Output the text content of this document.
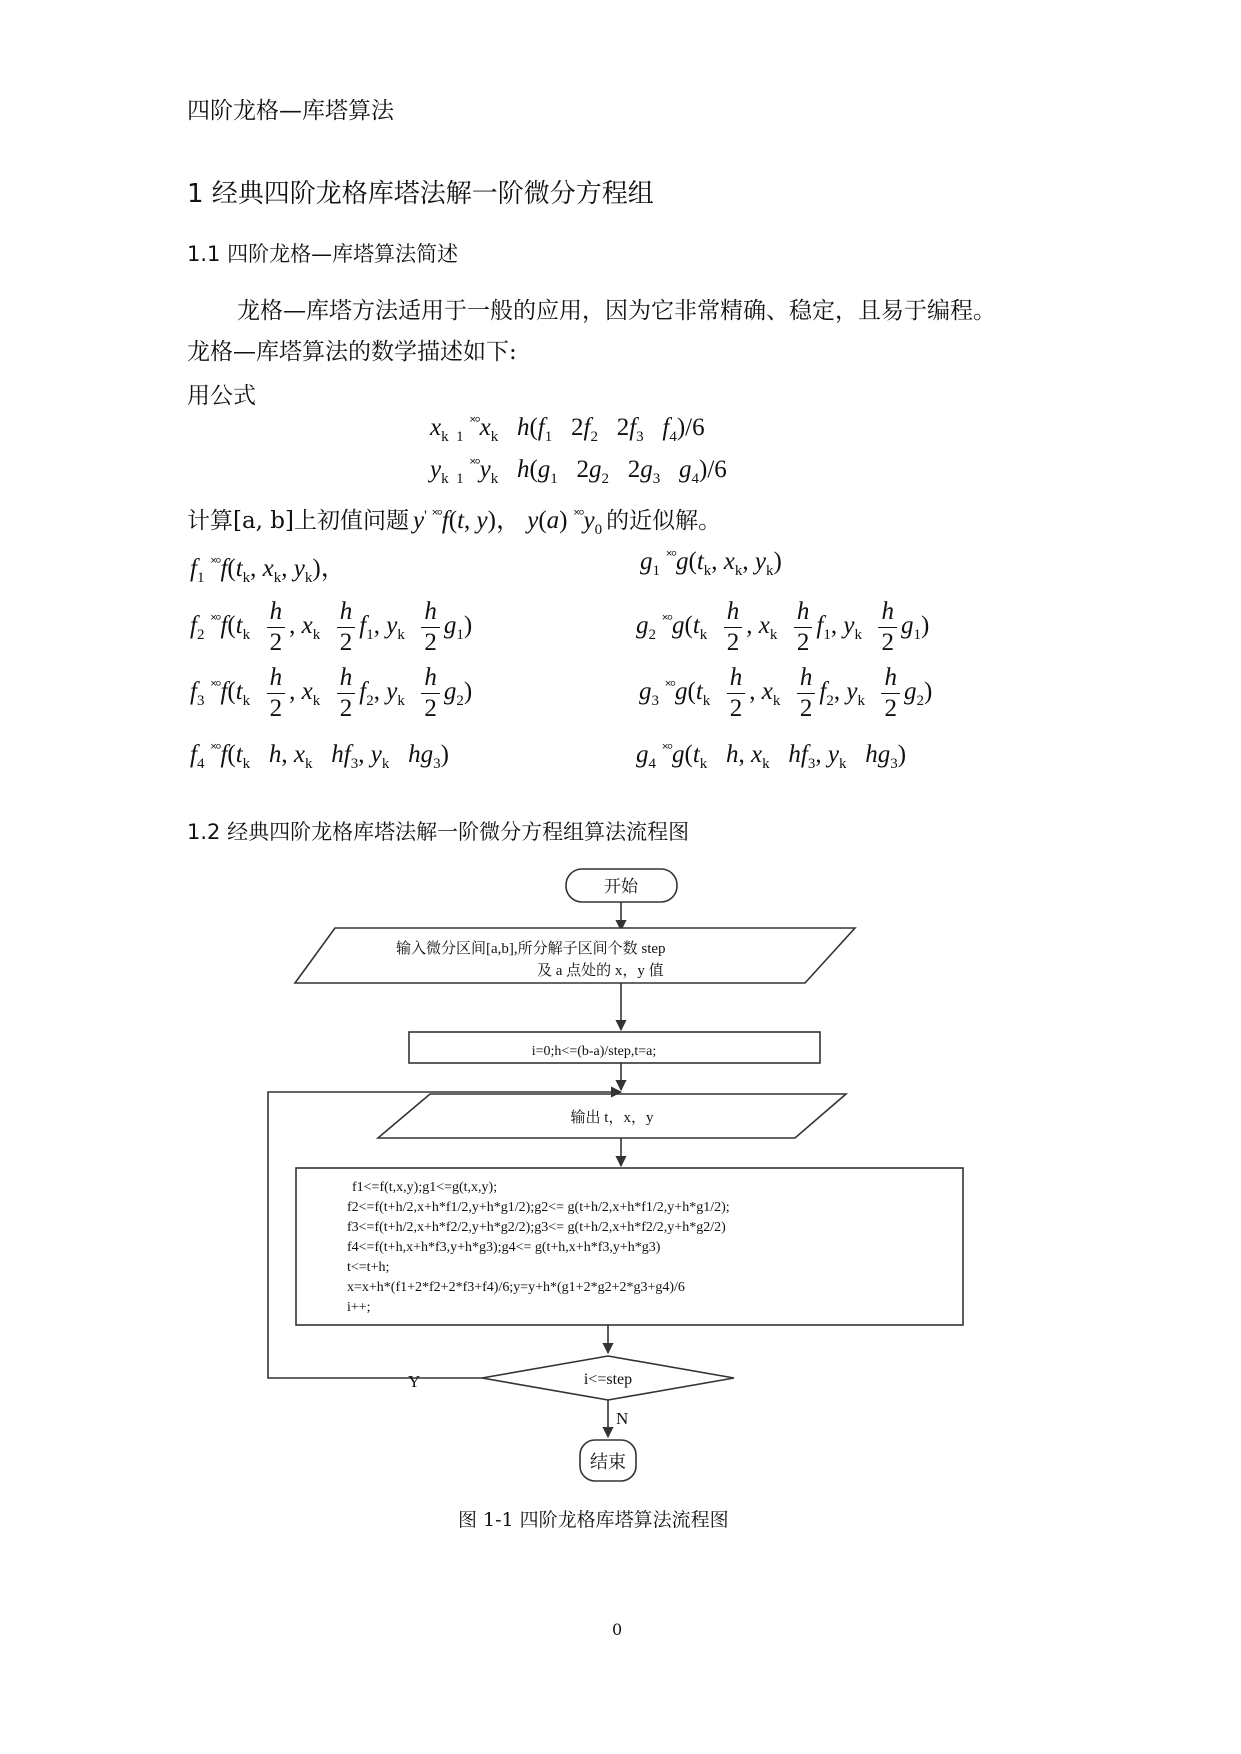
四阶龙格—库塔算法
1 经典四阶龙格库塔法解一阶微分方程组
1.1 四阶龙格—库塔算法简述
龙格—库塔方法适用于一般的应用，因为它非常精确、稳定，且易于编程。
龙格—库塔算法的数学描述如下:
用公式
$x_{k 1}$ $^{˟^\circ}x_k$ $h(f_1$   $2f_2$   $2f_3$ $f_4)/6$
$y_{k 1}$ $^{˟^\circ}y_k$ $h(g_1$   $2g_2$   $2g_3$ $g_4)/6$
计算[a, b]上初值问题 y' ˟°f(t, y)， y(a) $^{˟^\circ}y_0$ 的近似解。
$f_1$ $^{˟^\circ}f(t_k$, $x_k$, $y_k$)，	$g_1$ $^{˟^\circ}g(t_k$, $x_k$, $y_k$)
$f_2$ $^{˟^\circ}f(t_k \frac{h}{2}$ , $x_k \frac{h}{2} f_1$, $y_k \frac{h}{2} g_1$)	$g_2$ $^{˟^\circ}g(t_k \frac{h}{2}$ , $x_k \frac{h}{2} f_1$, $y_k \frac{h}{2} g_1$)
$f_3$ $^{˟^\circ}f(t_k \frac{h}{2}$ , $x_k \frac{h}{2} f_2$, $y_k \frac{h}{2} g_2$)	$g_3$ $^{˟^\circ}g(t_k \frac{h}{2}$ , $x_k \frac{h}{2} f_2$, $y_k \frac{h}{2} g_2$)
$f_4$ $^{˟^\circ}f(t_k$ h, $x_k$ $hf_3$, $y_k$ $hg_3$)	$g_4$ $^{˟^\circ}g(t_k$ h, $x_k$ $hf_3$, $y_k$ $hg_3$)
1.2 经典四阶龙格库塔法解一阶微分方程组算法流程图
开始
输入微分区间[a,b],所分解子区间个数 step
及 a 点处的 x，y 值
i=0;h<=(b-a)/step,t=a;
输出 t，x，y
f1<=f(t,x,y);g1<=g(t,x,y);
f2<=f(t+h/2,x+h*f1/2,y+h*g1/2);g2<= g(t+h/2,x+h*f1/2,y+h*g1/2);
f3<=f(t+h/2,x+h*f2/2,y+h*g2/2);g3<= g(t+h/2,x+h*f2/2,y+h*g2/2)
f4<=f(t+h,x+h*f3,y+h*g3);g4<= g(t+h,x+h*f3,y+h*g3)
t<=t+h;
x=x+h*(f1+2*f2+2*f3+f4)/6;y=y+h*(g1+2*g2+2*g3+g4)/6
i++;
i<=step
Y
N
结束
图 1-1 四阶龙格库塔算法流程图
0
